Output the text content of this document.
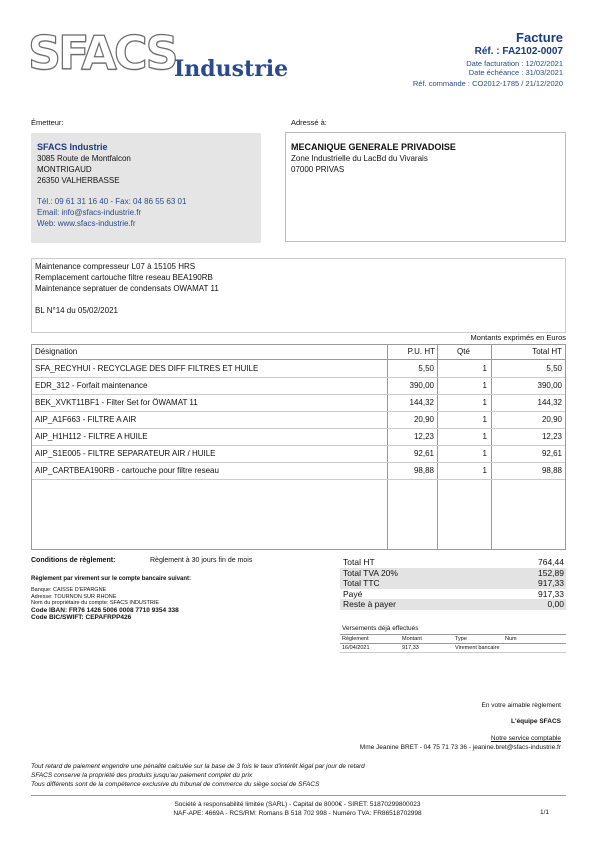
SFACS
Industrie
Facture
Réf. : FA2102-0007
Date facturation : 12/02/2021
Date échéance : 31/03/2021
Réf. commande : CO2012-1785 / 21/12/2020
Émetteur:
SFACS Industrie
3085 Route de Montfalcon
MONTRIGAUD
26350 VALHERBASSE
Tél.: 09 61 31 16 40 - Fax: 04 86 55 63 01
Email: info@sfacs-industrie.fr
Web: www.sfacs-industrie.fr
Adressé à:
MECANIQUE GENERALE PRIVADOISE
Zone Industrielle du LacBd du Vivarais
07000 PRIVAS
Maintenance compresseur L07 à 15105 HRS
Remplacement cartouche filtre reseau BEA190RB
Maintenance sepratuer de condensats OWAMAT 11
BL N°14 du 05/02/2021
Montants exprimés en Euros
Désignation	P.U. HT	Qté	Total HT
SFA_RECYHUI - RECYCLAGE DES DIFF FILTRES ET HUILE	5,50	1	5,50
EDR_312 - Forfait maintenance	390,00	1	390,00
BEK_XVKT11BF1 - Filter Set for ÖWAMAT 11	144,32	1	144,32
AIP_A1F663 - FILTRE A AIR	20,90	1	20,90
AIP_H1H112 - FILTRE A HUILE	12,23	1	12,23
AIP_S1E005 - FILTRE SEPARATEUR AIR / HUILE	92,61	1	92,61
AIP_CARTBEA190RB - cartouche pour filtre reseau	98,88	1	98,88
Conditions de règlement:	Règlement à 30 jours fin de mois
Règlement par virement sur le compte bancaire suivant:
Banque: CAISSE D'EPARGNE
Adresse: TOURNON SUR RHONE
Nom du propriétaire du compte: SFACS INDUSTRIE
Code IBAN: FR76 1426 5006 0008 7710 9354 338
Code BIC/SWIFT: CEPAFRPP426
Total HT	764,44
Total TVA 20%	152,89
Total TTC	917,33
Payé	917,33
Reste à payer	0,00
Versements déjà effectués
Règlement	Montant	Type	Num
16/04/2021	917,33	Virement bancaire
En votre aimable règlement
L'équipe SFACS
Notre service comptable
Mme Jeanine BRET - 04 75 71 73 36 - jeanine.bret@sfacs-industrie.fr
Tout retard de paiement engendre une pénalité calculée sur la base de 3 fois le taux d'intérêt légal par jour de retard
SFACS conserve la propriété des produits jusqu'au paiement complet du prix
Tous différents sont de la compétence exclusive du tribunal de commerce du siège social de SFACS
Société à responsabilité limitée (SARL) - Capital de 8000€ - SIRET: 51870299800023
NAF-APE: 4669A - RCS/RM: Romans B 518 702 998 - Numéro TVA: FR86518702998	1/1
